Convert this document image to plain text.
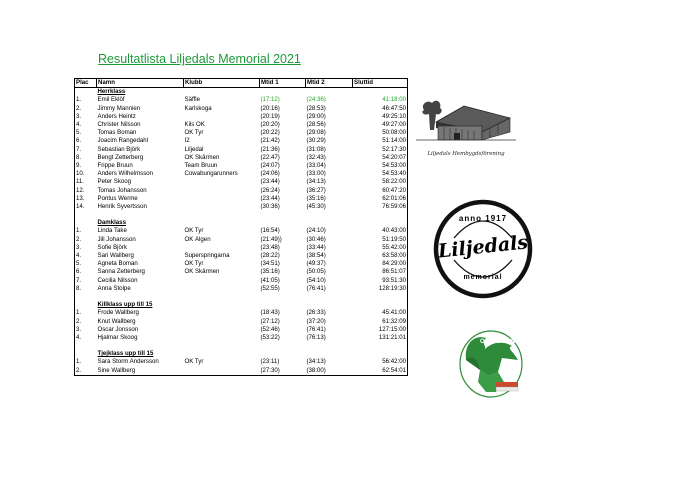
Resultatlista Liljedals Memorial 2021
Plac	Namn	Klubb	Mtid 1	Mtid 2	Sluttid
	Herrklass				
1.	Emil Eklöf	Säffle	(17:12)	(24:36)	41:18:00
2.	Jimmy Mannien	Karlskoga	(20:16)	(28:53)	46:47:50
3.	Anders Heintz		(20:19)	(29:00)	49:25:10
4.	Christer Nilsson	Kils OK	(20:20)	(28:56)	49:27:00
5.	Tomas Boman	OK Tyr	(20:22)	(29:08)	50:08:00
6.	Joacim Rangedahl	I2	(21:42)	(30:29)	51:14:00
7.	Sebastian Björk	Liljedal	(21:36)	(31:08)	52:17:30
8.	Bengt Zetterberg	OK Skärmen	(22:47)	(32:43)	54:20:07
9.	Frippe Bruun	Team Bruun	(24:07)	(33:04)	54:53:00
10.	Anders Wilhelmsson	Cowabungarunners	(24:06)	(33:00)	54:53:40
11.	Peter Skoog		(23:44)	(34:13)	58:22:00
12.	Tomas Johansson		(26:24)	(36:27)	60:47:20
13.	Pontus Werme		(23:44)	(35:16)	62:01:06
14.	Henrik Syvertsson		(30:36)	(45:30)	76:59:06

	Damklass				
1.	Linda Take	OK Tyr	(16:54)	(24:10)	40:43:00
2.	Jill Johansson	OK Älgen	(21:49))	(30:46)	51:19:50
3.	Sofie Björk		(23:48)	(33:44)	55:42:00
4.	Sari Wallberg	Superspringarna	(28:22)	(38:54)	63:58:00
5.	Agneta Boman	OK Tyr	(34:51)	(49:37)	84:29:00
6.	Sanna Zetterberg	OK Skärmen	(35:16)	(50:05)	86:51:07
7.	Cecilia Nilsson		(41:05)	(54:10)	93:51:30
8.	Anna Stolpe		(52:55)	(76:41)	128:19:30

	Killklass upp till 15				
1.	Frode Wallberg		(18:43)	(26:33)	45:41:00
2.	Knut Wallberg		(27:12)	(37:20)	61:32:09
3.	Oscar Jonsson		(52:46)	(76:41)	127:15:00
4.	Hjalmar Skoog		(53:22)	(76:13)	131:21:01

	Tjejklass upp till 15				
1.	Sara Storm Andersson	OK Tyr	(23:11)	(34:13)	56:42:00
2.	Sine Wallberg		(27:30)	(38:00)	62:54:01
Liljedals Hembygdsförening
anno 1917
Liljedals
memorial
OK ÄLGEN
